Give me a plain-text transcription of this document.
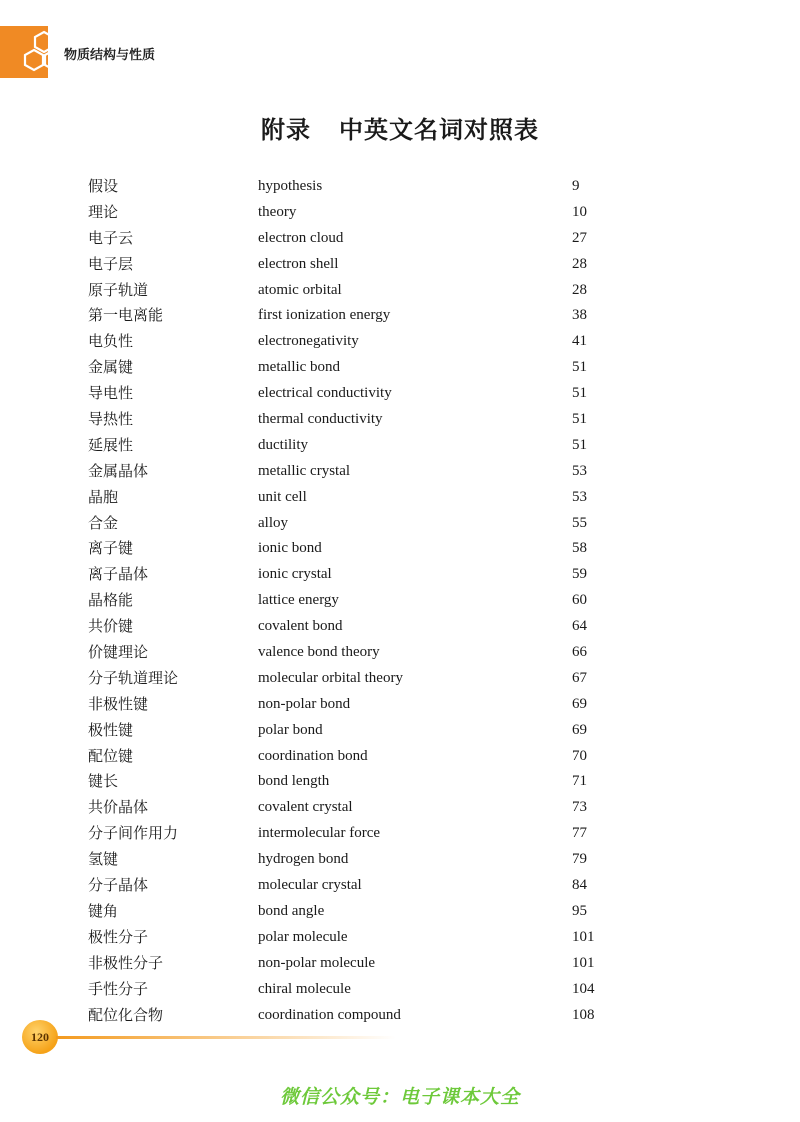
物质结构与性质
附录   中英文名词对照表
假设	hypothesis	9
理论	theory	10
电子云	electron cloud	27
电子层	electron shell	28
原子轨道	atomic orbital	28
第一电离能	first ionization energy	38
电负性	electronegativity	41
金属键	metallic bond	51
导电性	electrical conductivity	51
导热性	thermal conductivity	51
延展性	ductility	51
金属晶体	metallic crystal	53
晶胞	unit cell	53
合金	alloy	55
离子键	ionic bond	58
离子晶体	ionic crystal	59
晶格能	lattice energy	60
共价键	covalent bond	64
价键理论	valence bond theory	66
分子轨道理论	molecular orbital theory	67
非极性键	non-polar bond	69
极性键	polar bond	69
配位键	coordination bond	70
键长	bond length	71
共价晶体	covalent crystal	73
分子间作用力	intermolecular force	77
氢键	hydrogen bond	79
分子晶体	molecular crystal	84
键角	bond angle	95
极性分子	polar molecule	101
非极性分子	non-polar molecule	101
手性分子	chiral molecule	104
配位化合物	coordination compound	108
120
微信公众号：电子课本大全
